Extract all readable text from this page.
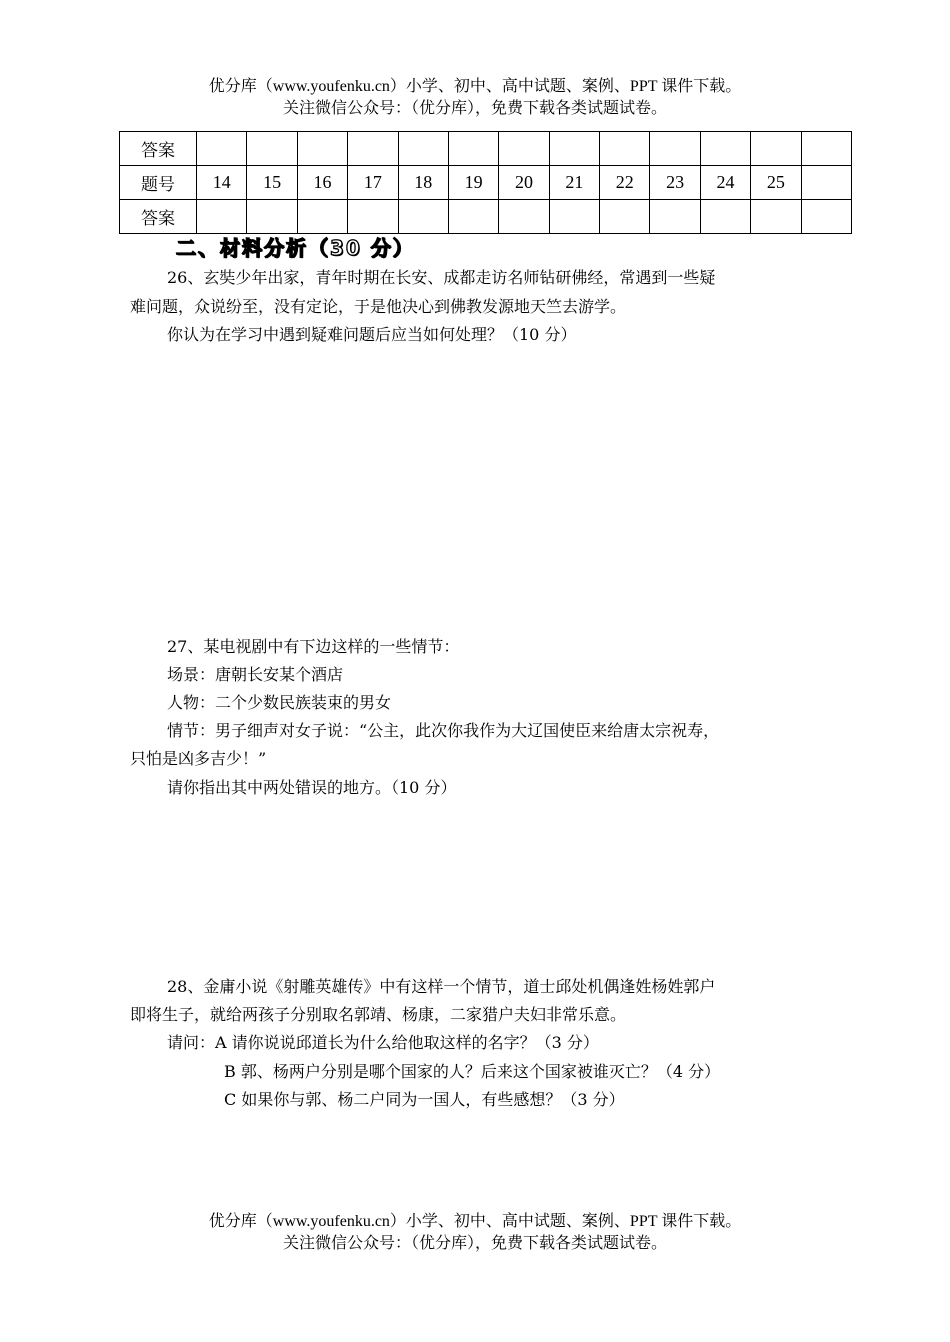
优分库（www.youfenku.cn）小学、初中、高中试题、案例、PPT 课件下载。
关注微信公众号：（优分库），免费下载各类试题试卷。
答案													
题号	14	15	16	17	18	19	20	21	22	23	24	25	
答案													
二、材料分析（30 分）
26、玄奘少年出家，青年时期在长安、成都走访名师钻研佛经，常遇到一些疑
难问题，众说纷至，没有定论，于是他决心到佛教发源地天竺去游学。
你认为在学习中遇到疑难问题后应当如何处理？（10 分）
27、某电视剧中有下边这样的一些情节：
场景：唐朝长安某个酒店
人物：二个少数民族装束的男女
情节：男子细声对女子说：“公主，此次你我作为大辽国使臣来给唐太宗祝寿，
只怕是凶多吉少！”
请你指出其中两处错误的地方。（10 分）
28、金庸小说《射雕英雄传》中有这样一个情节，道士邱处机偶逢姓杨姓郭户
即将生子，就给两孩子分别取名郭靖、杨康，二家猎户夫妇非常乐意。
请问：A 请你说说邱道长为什么给他取这样的名字？（3 分）
B 郭、杨两户分别是哪个国家的人？后来这个国家被谁灭亡？（4 分）
C 如果你与郭、杨二户同为一国人，有些感想？（3 分）
优分库（www.youfenku.cn）小学、初中、高中试题、案例、PPT 课件下载。
关注微信公众号：（优分库），免费下载各类试题试卷。
